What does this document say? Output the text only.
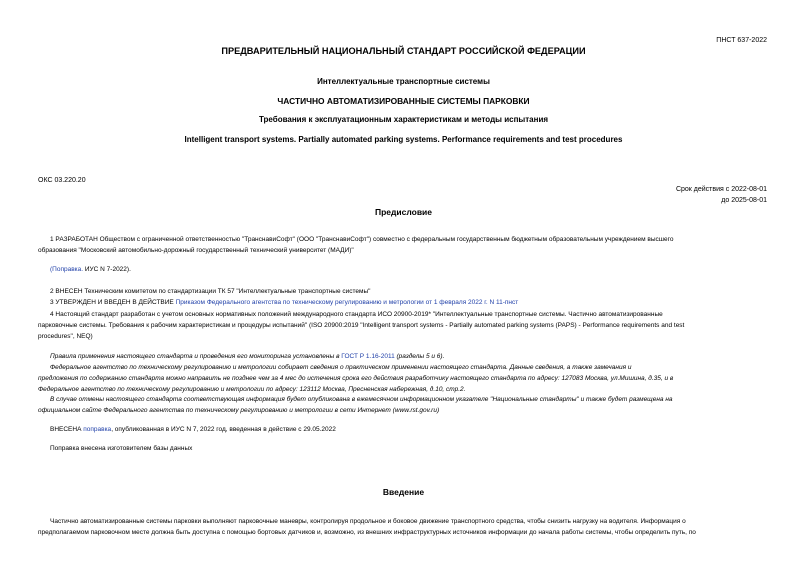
ПНСТ 637-2022
ПРЕДВАРИТЕЛЬНЫЙ НАЦИОНАЛЬНЫЙ СТАНДАРТ РОССИЙСКОЙ ФЕДЕРАЦИИ
Интеллектуальные транспортные системы
ЧАСТИЧНО АВТОМАТИЗИРОВАННЫЕ СИСТЕМЫ ПАРКОВКИ
Требования к эксплуатационным характеристикам и методы испытания
Intelligent transport systems. Partially automated parking systems. Performance requirements and test procedures
ОКС 03.220.20
Срок действия с 2022-08-01
до 2025-08-01
Предисловие
1 РАЗРАБОТАН Обществом с ограниченной ответственностью "ТранснавиСофт" (ООО "ТранснавиСофт") совместно с федеральным государственным бюджетным образовательным учреждением высшего
образования "Московский автомобильно-дорожный государственный технический университет (МАДИ)"
(Поправка. ИУС N 7-2022).
2 ВНЕСЕН Техническим комитетом по стандартизации ТК 57 "Интеллектуальные транспортные системы"
3 УТВЕРЖДЕН И ВВЕДЕН В ДЕЙСТВИЕ Приказом Федерального агентства по техническому регулированию и метрологии от 1 февраля 2022 г. N 11-пнст
4 Настоящий стандарт разработан с учетом основных нормативных положений международного стандарта ИСО 20900-2019* "Интеллектуальные транспортные системы. Частично автоматизированные
парковочные системы. Требования к рабочим характеристикам и процедуры испытаний" (ISO 20900:2019 "Intelligent transport systems - Partially automated parking systems (PAPS) - Performance requirements and test
procedures", NEQ)
Правила применения настоящего стандарта и проведения его мониторинга установлены в ГОСТ Р 1.16-2011 (разделы 5 и 6).
Федеральное агентство по техническому регулированию и метрологии собирает сведения о практическом применении настоящего стандарта. Данные сведения, а также замечания и
предложения по содержанию стандарта можно направить не позднее чем за 4 мес до истечения срока его действия разработчику настоящего стандарта по адресу: 127083 Москва, ул.Мишина, д.35, и в
Федеральное агентство по техническому регулированию и метрологии по адресу: 123112 Москва, Пресненская набережная, д.10, стр.2.
В случае отмены настоящего стандарта соответствующая информация будет опубликована в ежемесячном информационном указателе "Национальные стандарты" и также будет размещена на
официальном сайте Федерального агентства по техническому регулированию и метрологии в сети Интернет (www.rst.gov.ru)
ВНЕСЕНА поправка, опубликованная в ИУС N 7, 2022 год, введенная в действие с 29.05.2022
Поправка внесена изготовителем базы данных
Введение
Частично автоматизированные системы парковки выполняют парковочные маневры, контролируя продольное и боковое движение транспортного средства, чтобы снизить нагрузку на водителя. Информация о
предполагаемом парковочном месте должна быть доступна с помощью бортовых датчиков и, возможно, из внешних инфраструктурных источников информации до начала работы системы, чтобы определить путь, по
